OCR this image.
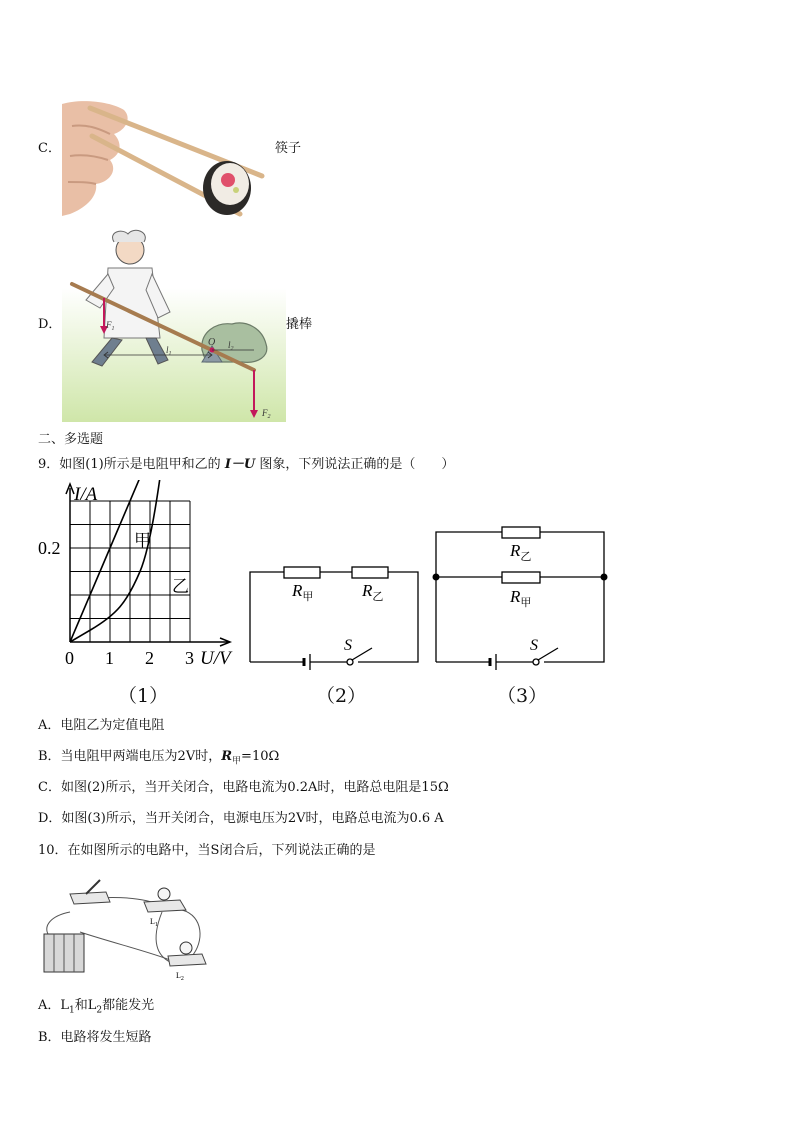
C．	筷子
D．	$F_1$
$l_1$
O $l_2$
$F_2$
撬棒
二、多选题
9．如图(1)所示是电阻甲和乙的 I－U 图象，下列说法正确的是（　　）
I/A
U/V
0 1 2 3
0.2	甲
乙	$R_甲$	$R_乙$
S
$R_乙$
$R_甲$
S
（1）	（2）	（3）
A．电阻乙为定值电阻
B．当电阻甲两端电压为2V时，$R_甲=10\Omega$
C．如图(2)所示，当开关闭合，电路电流为0.2A时，电路总电阻是15Ω
D．如图(3)所示，当开关闭合，电源电压为2V时，电路总电流为0.6 A
10．在如图所示的电路中，当S闭合后，下列说法正确的是
$L_1$
$L_2$
A．$L_1$和$L_2$都能发光
B．电路将发生短路
